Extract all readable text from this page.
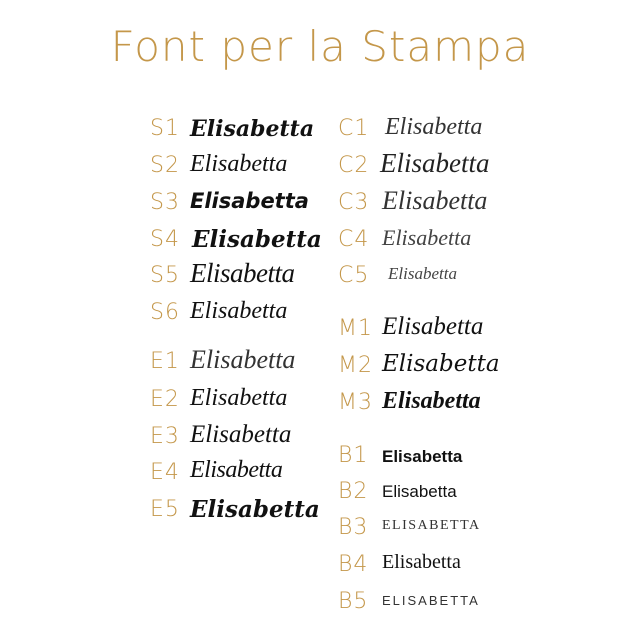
Font per la Stampa
S1 Elisabetta
S2 Elisabetta
S3 Elisabetta
S4 Elisabetta
S5 Elisabetta
S6 Elisabetta
E1 Elisabetta
E2 Elisabetta
E3 Elisabetta
E4 Elisabetta
E5 Elisabetta
C1 Elisabetta
C2 Elisabetta
C3 Elisabetta
C4 Elisabetta
C5 Elisabetta
M1 Elisabetta
M2 Elisabetta
M3 Elisabetta
B1 Elisabetta
B2 Elisabetta
B3 ELISABETTA
B4 Elisabetta
B5 ELISABETTA
